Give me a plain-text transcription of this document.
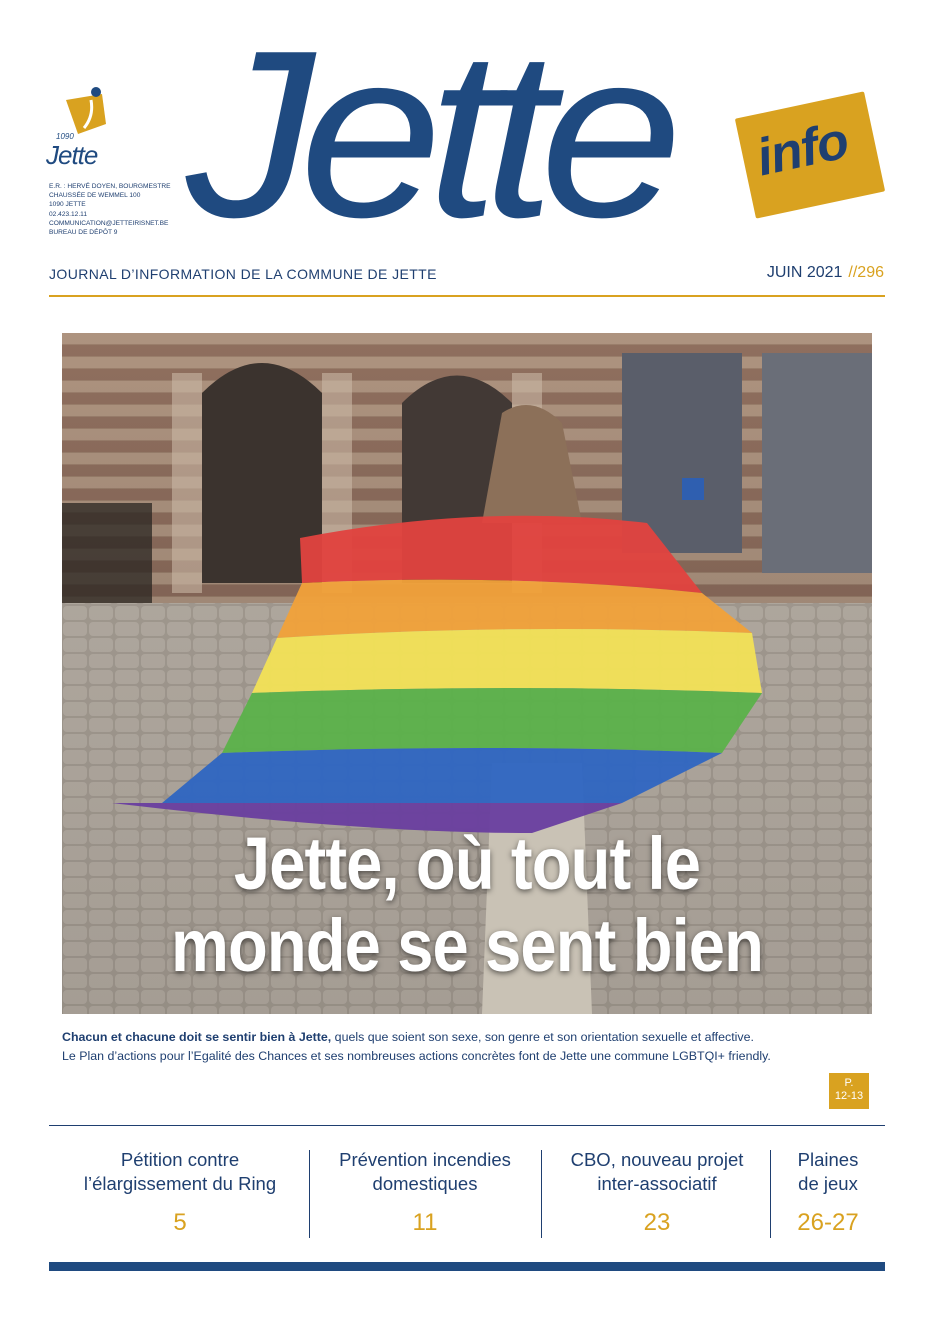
1090
Jette
E.R. : HERVÉ DOYEN, BOURGMESTRE
CHAUSSÉE DE WEMMEL 100
1090 JETTE
02.423.12.11
COMMUNICATION@JETTEIRISNET.BE
BUREAU DE DÉPÔT 9 Jette info
JOURNAL D’INFORMATION DE LA COMMUNE DE JETTE	JUIN 2021 //296
Jette, où tout le
monde se sent bien
Chacun et chacune doit se sentir bien à Jette, quels que soient son sexe, son genre et son orientation sexuelle et affective.
Le Plan d’actions pour l’Egalité des Chances et ses nombreuses actions concrètes font de Jette une commune LGBTQI+ friendly.
P.
12-13
Pétition contre
l’élargissement du Ring
5
Prévention incendies
domestiques
11
CBO, nouveau projet
inter-associatif
23
Plaines
de jeux
26-27
